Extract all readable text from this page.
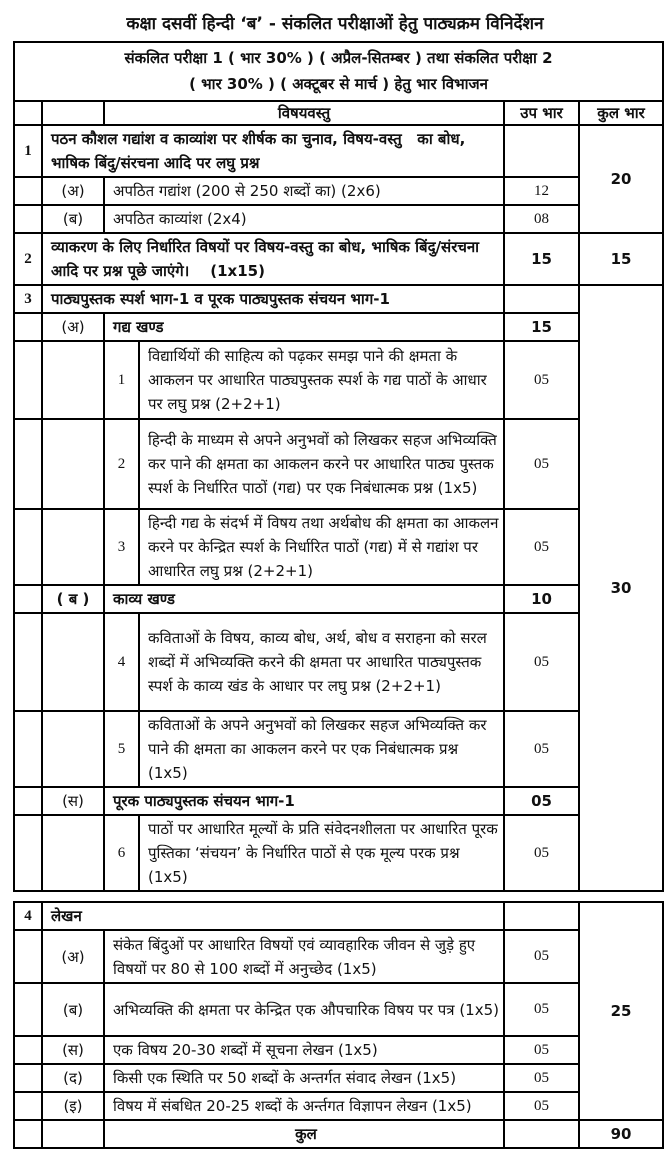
कक्षा दसवीं हिन्दी ‘ब’ - संकलित परीक्षाओं हेतु पाठ्यक्रम विनिर्देशन
संकलित परीक्षा 1 ( भार 30% ) ( अप्रैल-सितम्बर ) तथा संकलित परीक्षा 2
( भार 30% ) ( अक्टूबर से मार्च ) हेतु भार विभाजन					

		विषयवस्तु		उप भार	कुल भार
1	पठन कौशल गद्यांश व काव्यांश पर शीर्षक का चुनाव, विषय-वस्तु   का बोध, भाषिक बिंदु/संरचना आदि पर लघु प्रश्न				20
	(अ)	अपठित गद्यांश (200 से 250 शब्दों का) (2x6)		12	
	(ब)	अपठित काव्यांश (2x4)		08	
2	व्याकरण के लिए निर्धारित विषयों पर विषय-वस्तु का बोध, भाषिक बिंदु/संरचना आदि पर प्रश्न पूछे जाएंगे।    (1x15)			15	15
3	पाठ्यपुस्तक स्पर्श भाग-1 व पूरक पाठ्यपुस्तक संचयन भाग-1				30
	(अ)	गद्य खण्ड		15	
		1	विद्यार्थियों की साहित्य को पढ़कर समझ पाने की क्षमता के आकलन पर आधारित पाठ्यपुस्तक स्पर्श के गद्य पाठों के आधार पर लघु प्रश्न (2+2+1)	05	
		2	हिन्दी के माध्यम से अपने अनुभवों को लिखकर सहज अभिव्यक्ति कर पाने की क्षमता का आकलन करने पर आधारित पाठ्य पुस्तक स्पर्श के निर्धारित पाठों (गद्य) पर एक निबंधात्मक प्रश्न (1x5)	05	
		3	हिन्दी गद्य के संदर्भ में विषय तथा अर्थबोध की क्षमता का आकलन करने पर केन्द्रित स्पर्श के निर्धारित पाठों (गद्य) में से गद्यांश पर आधारित लघु प्रश्न (2+2+1)	05	
	( ब )	काव्य खण्ड		10	
		4	कविताओं के विषय, काव्य बोध, अर्थ, बोध व सराहना को सरल शब्दों में अभिव्यक्ति करने की क्षमता पर आधारित पाठ्यपुस्तक स्पर्श के काव्य खंड के आधार पर लघु प्रश्न (2+2+1)	05	
		5	कविताओं के अपने अनुभवों को लिखकर सहज अभिव्यक्ति कर पाने की क्षमता का आकलन करने पर एक निबंधात्मक प्रश्न (1x5)	05	
	(स)	पूरक पाठ्यपुस्तक संचयन भाग-1		05	
		6	पाठों पर आधारित मूल्यों के प्रति संवेदनशीलता पर आधारित पूरक पुस्तिका ‘संचयन’ के निर्धारित पाठों से एक मूल्य परक प्रश्न (1x5)	05	
4	लेखन			25
	(अ)	संकेत बिंदुओं पर आधारित विषयों एवं व्यावहारिक जीवन से जुड़े हुए विषयों पर 80 से 100 शब्दों में अनुच्छेद (1x5)	05	
	(ब)	अभिव्यक्ति की क्षमता पर केन्द्रित एक औपचारिक विषय पर पत्र (1x5)	05	
	(स)	एक विषय 20-30 शब्दों में सूचना लेखन (1x5)	05	
	(द)	किसी एक स्थिति पर 50 शब्दों के अन्तर्गत संवाद लेखन (1x5)	05	
	(इ)	विषय में संबधित 20-25 शब्दों के अर्न्तगत विज्ञापन लेखन (1x5)	05	
		कुल		90
